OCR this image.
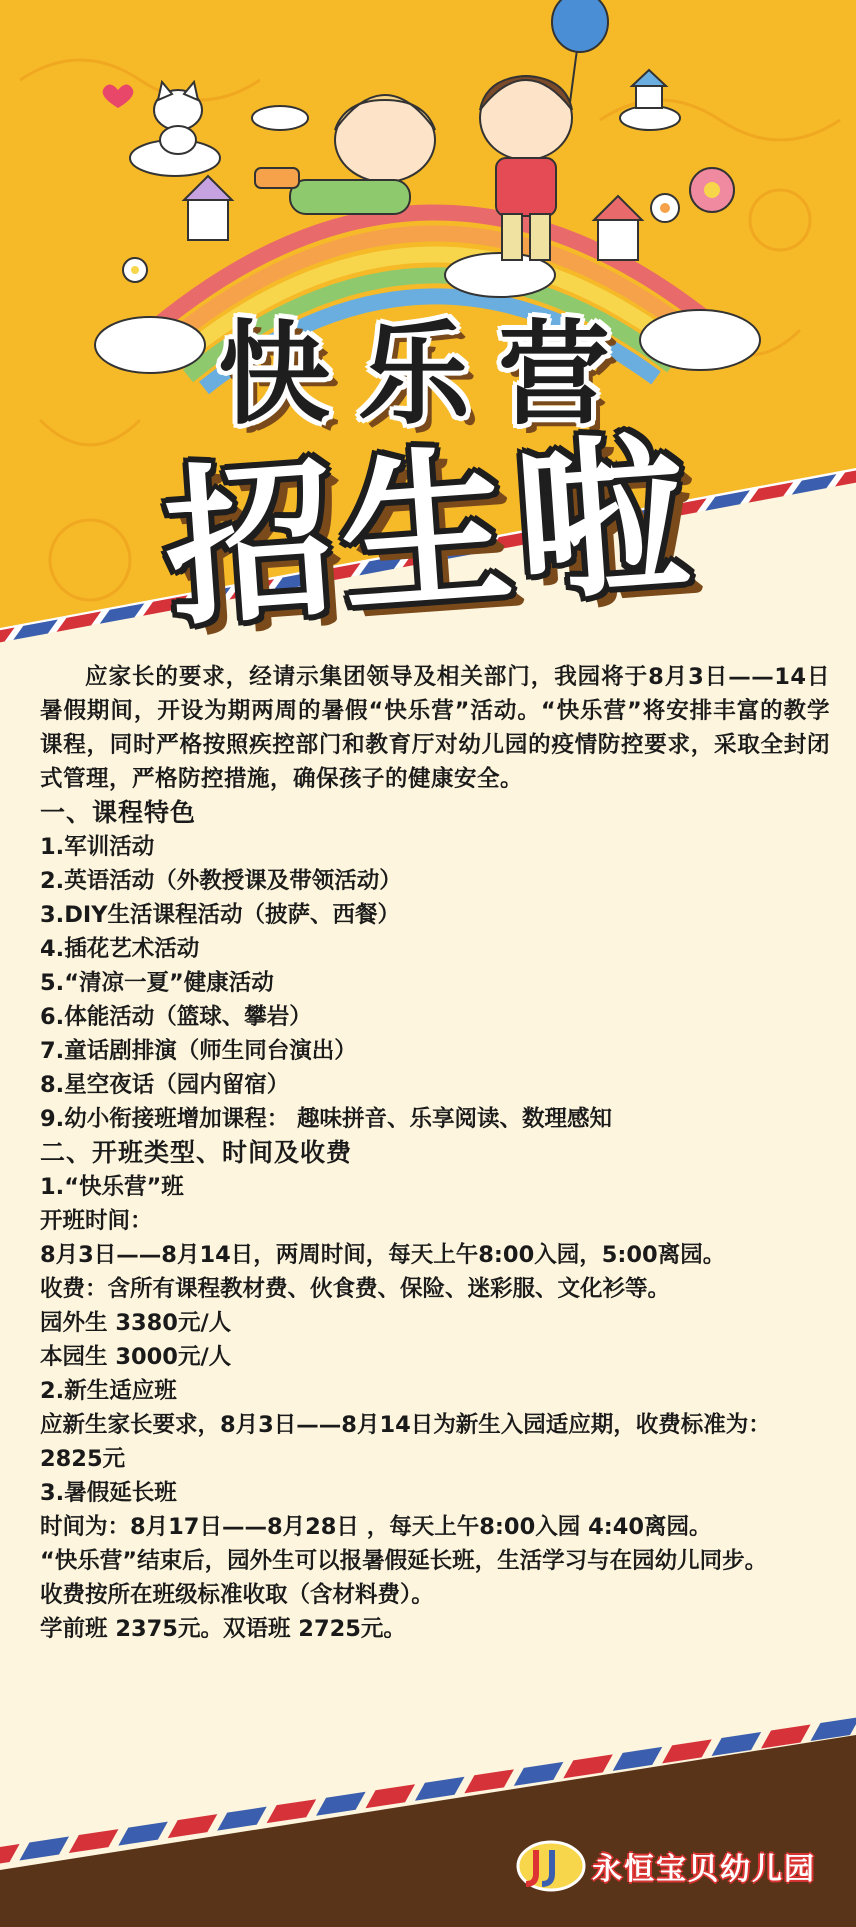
快乐营
招生啦

应家长的要求，经请示集团领导及相关部门，我园将于8月3日——14日暑假期间，开设为期两周的暑假“快乐营”活动。“快乐营”将安排丰富的教学课程，同时严格按照疾控部门和教育厅对幼儿园的疫情防控要求，采取全封闭式管理，严格防控措施，确保孩子的健康安全。

一、课程特色

1.军训活动

2.英语活动（外教授课及带领活动）

3.DIY生活课程活动（披萨、西餐）

4.插花艺术活动

5.“清凉一夏”健康活动

6.体能活动（篮球、攀岩）

7.童话剧排演（师生同台演出）

8.星空夜话（园内留宿）

9.幼小衔接班增加课程： 趣味拼音、乐享阅读、数理感知

二、开班类型、时间及收费

1.“快乐营”班

开班时间：

8月3日——8月14日，两周时间，每天上午8:00入园，5:00离园。

收费：含所有课程教材费、伙食费、保险、迷彩服、文化衫等。

园外生 3380元/人

本园生 3000元/人

2.新生适应班

应新生家长要求，8月3日——8月14日为新生入园适应期，收费标准为： 2825元

3.暑假延长班

时间为：8月17日——8月28日 ，每天上午8:00入园 4:40离园。

“快乐营”结束后，园外生可以报暑假延长班，生活学习与在园幼儿同步。

收费按所在班级标准收取（含材料费）。

学前班 2375元。双语班 2725元。

永恒宝贝幼儿园
